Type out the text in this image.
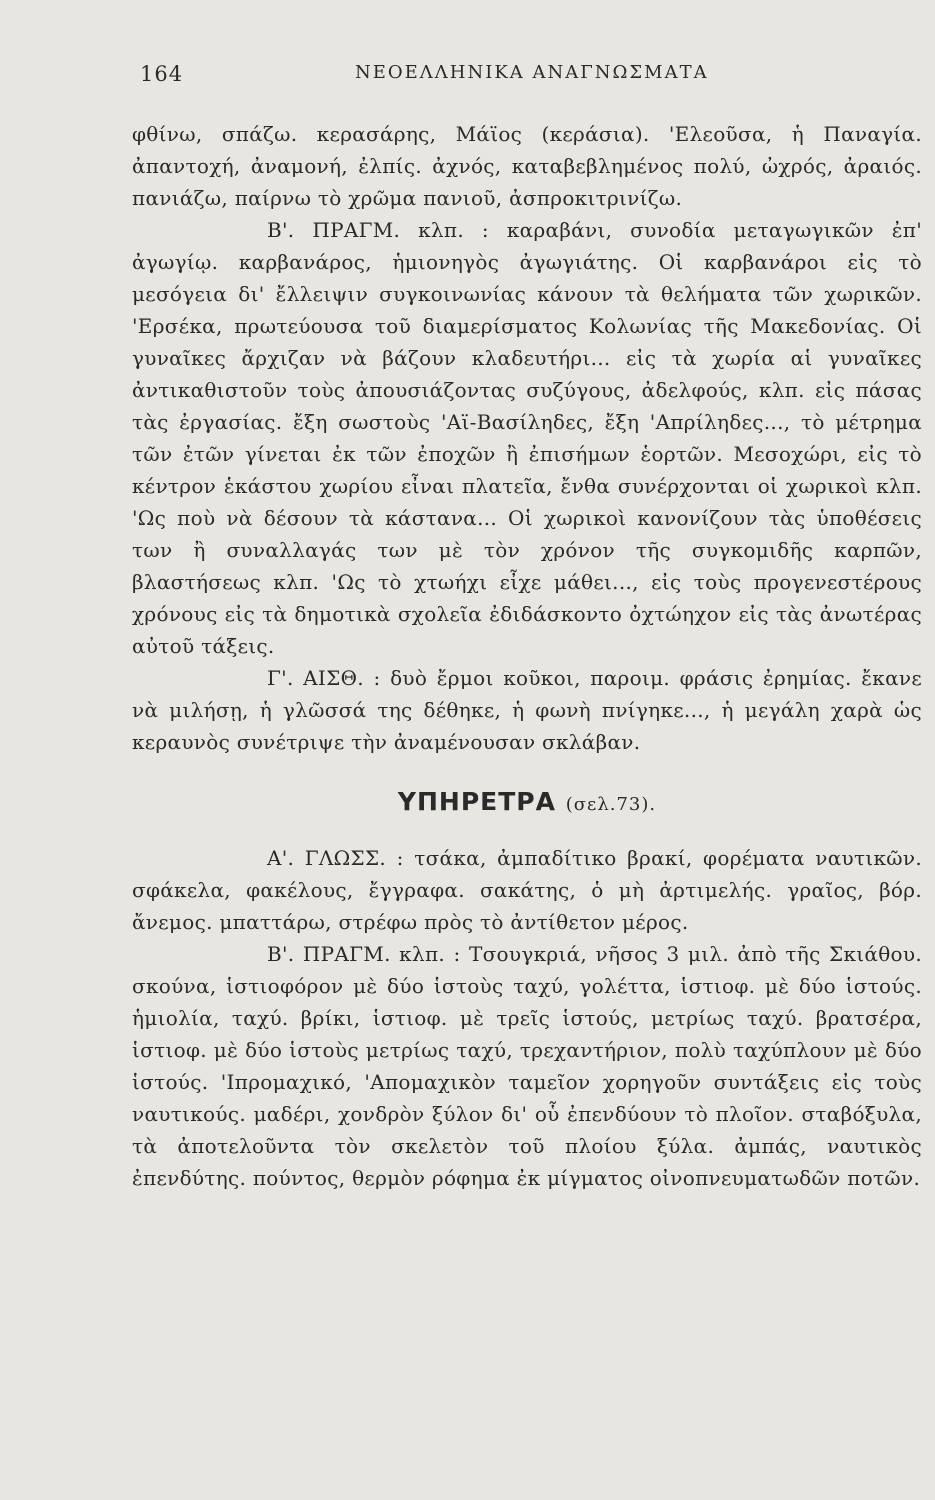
164	ΝΕΟΕΛΛΗΝΙΚΑ ΑΝΑΓΝΩΣΜΑΤΑ

φθίνω, σπάζω. κερασάρης, Μάϊος (κεράσια). 'Ελεοῦσα, ἡ Παναγία. ἀπαντοχή, ἀναμονή, ἐλπίς. ἀχνός, καταβεβλημένος πολύ, ὠχρός, ἀραιός. πανιάζω, παίρνω τὸ χρῶμα πανιοῦ, ἀσπροκιτρινίζω.

Β'. ΠΡΑΓΜ. κλπ. : καραβάνι, συνοδία μεταγωγικῶν ἐπ' ἀγωγίῳ. καρβανάρος, ἡμιονηγὸς ἀγωγιάτης. Οἱ καρβανάροι εἰς τὸ μεσόγεια δι' ἔλλειψιν συγκοινωνίας κάνουν τὰ θελήματα τῶν χωρικῶν. 'Ερσέκα, πρωτεύουσα τοῦ διαμερίσματος Κολωνίας τῆς Μακεδονίας. Οἱ γυναῖκες ἄρχιζαν νὰ βάζουν κλαδευτήρι... εἰς τὰ χωρία αἱ γυναῖκες ἀντικαθιστοῦν τοὺς ἀπουσιάζοντας συζύγους, ἀδελφούς, κλπ. εἰς πάσας τὰς ἐργασίας. ἔξη σωστοὺς 'Αϊ-Βασίληδες, ἔξη 'Απρίληδες..., τὸ μέτρημα τῶν ἐτῶν γίνεται ἐκ τῶν ἐποχῶν ἢ ἐπισήμων ἑορτῶν. Μεσοχώρι, εἰς τὸ κέντρον ἑκάστου χωρίου εἶναι πλατεῖα, ἔνθα συνέρχονται οἱ χωρικοὶ κλπ. 'Ως ποὺ νὰ δέσουν τὰ κάστανα... Οἱ χωρικοὶ κανονίζουν τὰς ὑποθέσεις των ἢ συναλλαγάς των μὲ τὸν χρόνον τῆς συγκομιδῆς καρπῶν, βλαστήσεως κλπ. 'Ως τὸ χτωήχι εἶχε μάθει..., εἰς τοὺς προγενεστέρους χρόνους εἰς τὰ δημοτικὰ σχολεῖα ἐδιδάσκοντο ὀχτώηχον εἰς τὰς ἀνωτέρας αὐτοῦ τάξεις.

Γ'. ΑΙΣΘ. : δυὸ ἔρμοι κοῦκοι, παροιμ. φράσις ἐρημίας. ἔκανε νὰ μιλήσῃ, ἡ γλῶσσά της δέθηκε, ἡ φωνὴ πνίγηκε..., ἡ μεγάλη χαρὰ ὡς κεραυνὸς συνέτριψε τὴν ἀναμένουσαν σκλάβαν.

ΥΠΗΡΕΤΡΑ (σελ.73).

Α'. ΓΛΩΣΣ. : τσάκα, ἀμπαδίτικο βρακί, φορέματα ναυτικῶν. σφάκελα, φακέλους, ἔγγραφα. σακάτης, ὁ μὴ ἀρτιμελής. γραῖος, βόρ. ἄνεμος. μπαττάρω, στρέφω πρὸς τὸ ἀντίθετον μέρος.

Β'. ΠΡΑΓΜ. κλπ. : Τσουγκριά, νῆσος 3 μιλ. ἀπὸ τῆς Σκιάθου. σκούνα, ἱστιοφόρον μὲ δύο ἱστοὺς ταχύ, γολέττα, ἱστιοφ. μὲ δύο ἱστούς. ἡμιολία, ταχύ. βρίκι, ἱστιοφ. μὲ τρεῖς ἱστούς, μετρίως ταχύ. βρατσέρα, ἱστιοφ. μὲ δύο ἱστοὺς μετρίως ταχύ, τρεχαντήριον, πολὺ ταχύπλουν μὲ δύο ἱστούς. 'Ιπρομαχικό, 'Απομαχικὸν ταμεῖον χορηγοῦν συντάξεις εἰς τοὺς ναυτικούς. μαδέρι, χονδρὸν ξύλον δι' οὗ ἐπενδύουν τὸ πλοῖον. σταβόξυλα, τὰ ἀποτελοῦντα τὸν σκελετὸν τοῦ πλοίου ξύλα. ἀμπάς, ναυτικὸς ἐπενδύτης. πούντος, θερμὸν ρόφημα ἐκ μίγματος οἰνοπνευματωδῶν ποτῶν.
